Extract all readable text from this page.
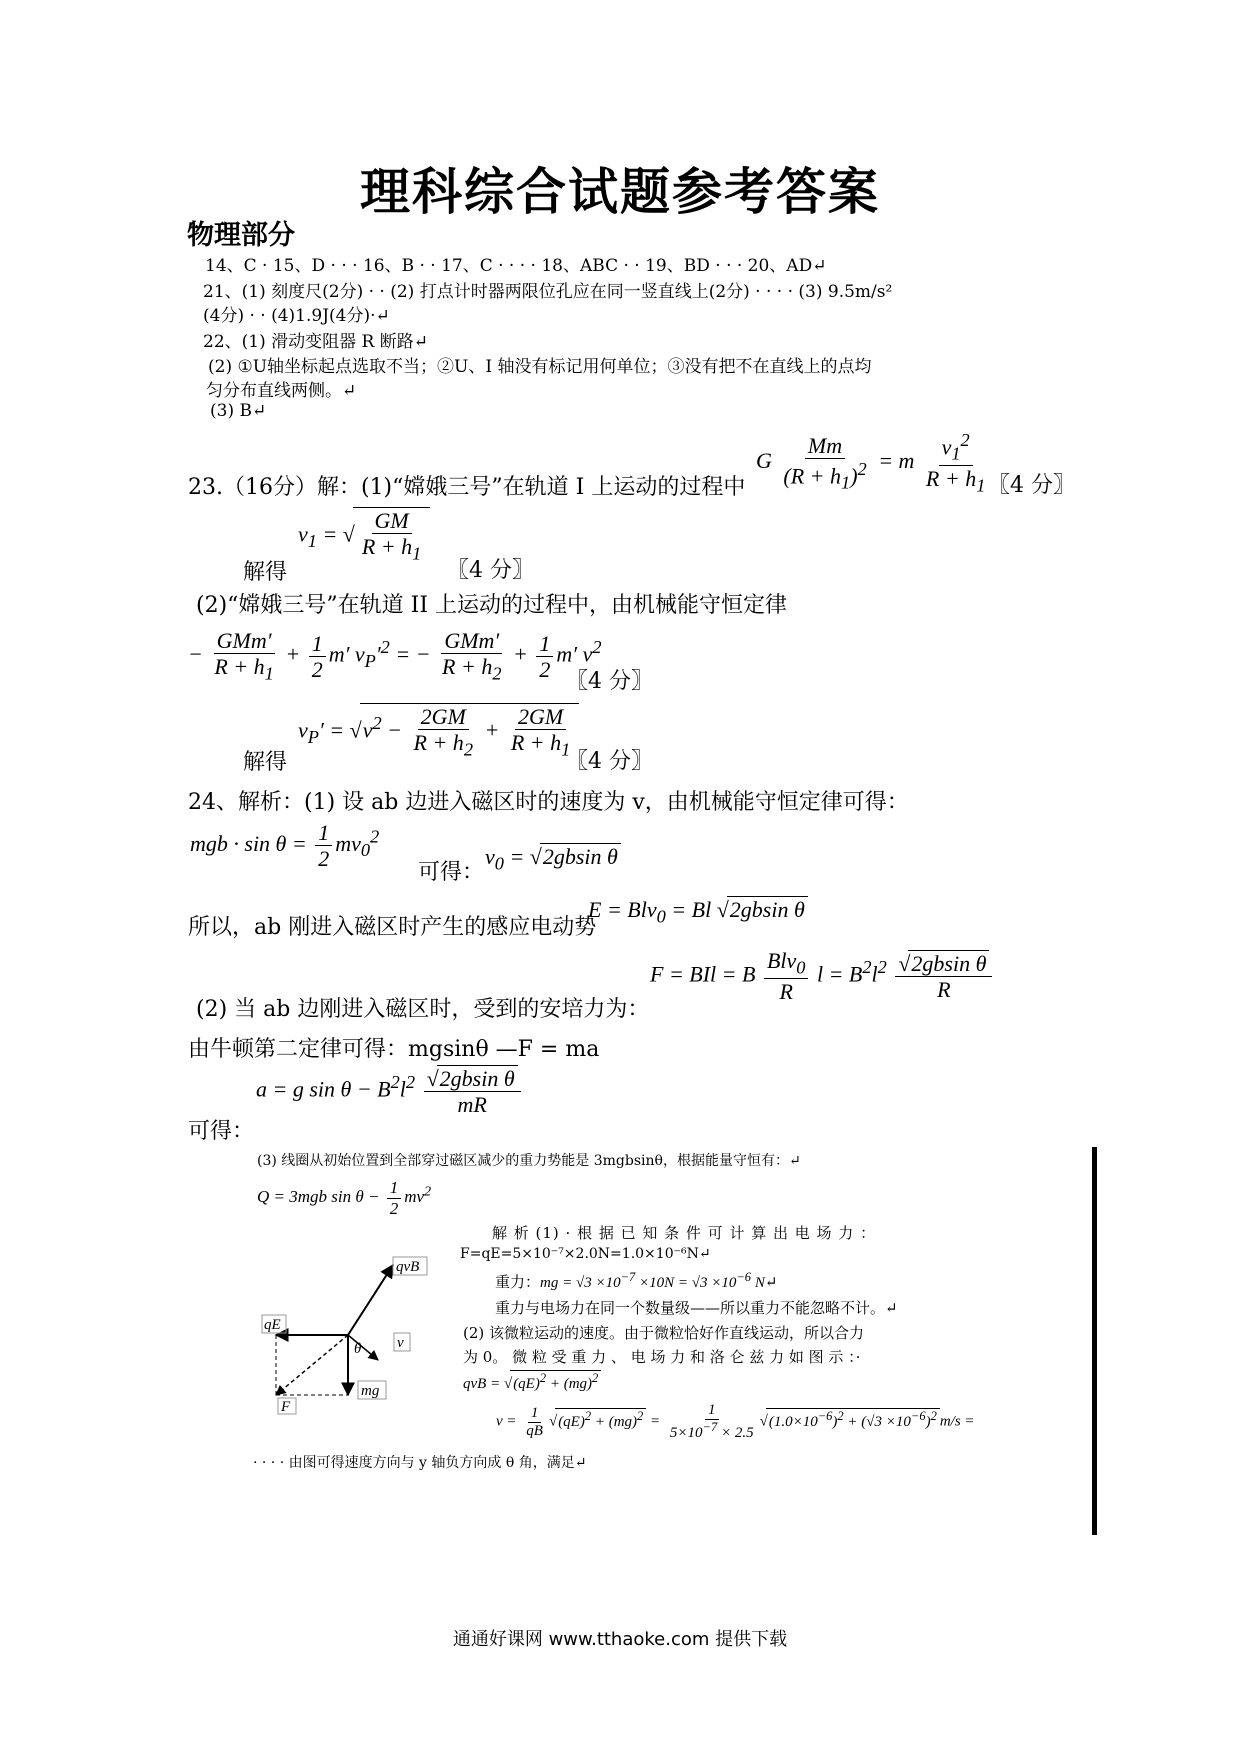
理科综合试题参考答案
物理部分
14、C · 15、D · · · 16、B · · 17、C · · · · 18、ABC · · 19、BD · · · 20、AD↵
21、(1) 刻度尺(2分) · · (2) 打点计时器两限位孔应在同一竖直线上(2分) · · · · (3) 9.5m/s²
(4分) · · (4)1.9J(4分)·↵
22、(1) 滑动变阻器 R 断路↵
(2) ①U轴坐标起点选取不当；②U、I 轴没有标记用何单位；③没有把不在直线上的点均
匀分布直线两侧。↵
(3) B↵
23.（16分）解：(1)“嫦娥三号”在轨道 I 上运动的过程中
G $\frac{Mm}{(R + h_1)^2} = m \frac{v_1^2}{R + h_1}$ 〖4 分〗
解得
$v_1$ = √ $\frac{GM}{R + h_1}$
〖4 分〗
(2)“嫦娥三号”在轨道 II 上运动的过程中，由机械能守恒定律
− $\frac{\text{GMm′}}{R + h_1} + \frac{1}{2} m'$ $v_P'^2$ = − $\frac{\text{GMm′}}{R + h_2} + \frac{1}{2} m'$ $v^2$
〖4 分〗
解得
$v_P' = √v^2 - \frac{2GM}{R + h_2} + \frac{2GM}{R + h_1}$
〖4 分〗
24、解析：(1) 设 ab 边进入磁区时的速度为 v，由机械能守恒定律可得：
mgb · $\sin \theta = \frac{1}{2} mv_0^2$
可得：
$v_0 = √2gbsin$ θ
所以，ab 刚进入磁区时产生的感应电动势
E = Blv$_0$ = Bl √2gbsin θ
(2) 当 ab 边刚进入磁区时，受到的安培力为：
F = BIl = B $\frac{Blv_0}{R}$ $l = B^2l^2 \frac{\text{√2gbsin θ}}{R}$
由牛顿第二定律可得：mgsinθ —F = ma
a = g $\sin \theta - B^2l^2 \frac{\text{√2gbsin θ}}{mR}$
可得：
(3) 线圈从初始位置到全部穿过磁区减少的重力势能是 3mgbsinθ，根据能量守恒有：↵
Q = 3mgb $\sin \theta - \frac{1}{2} mv^2$
解 析 (1) · 根 据 已 知 条 件 可 计 算 出 电 场 力 ：
F=qE=5×10⁻⁷×2.0N=1.0×10⁻⁶N↵
重力：mg = $√3 \times 10^{-7} \times 10N = √3 \times 10^{-6}$ N↵
重力与电场力在同一个数量级——所以重力不能忽略不计。↵
(2) 该微粒运动的速度。由于微粒恰好作直线运动，所以合力
为 0。 微 粒 受 重 力 、 电 场 力 和 洛 仑 兹 力 如 图 示 ：·
qvB = √(qE)$^2$ + (mg)$^2$
$v = \frac{1}{qB} √(qE)^2 + (mg)^2 = \frac{1}{5\times 10^{-7} \times 2.5} √(1.0\times 10^{-6})^2 + (√3 \times 10^{-6})^2$ m/s =
· · · · 由图可得速度方向与 y 轴负方向成 θ 角，满足↵
qvB
qE
v
θ
F
mg
通通好课网 www.tthaoke.com 提供下载
